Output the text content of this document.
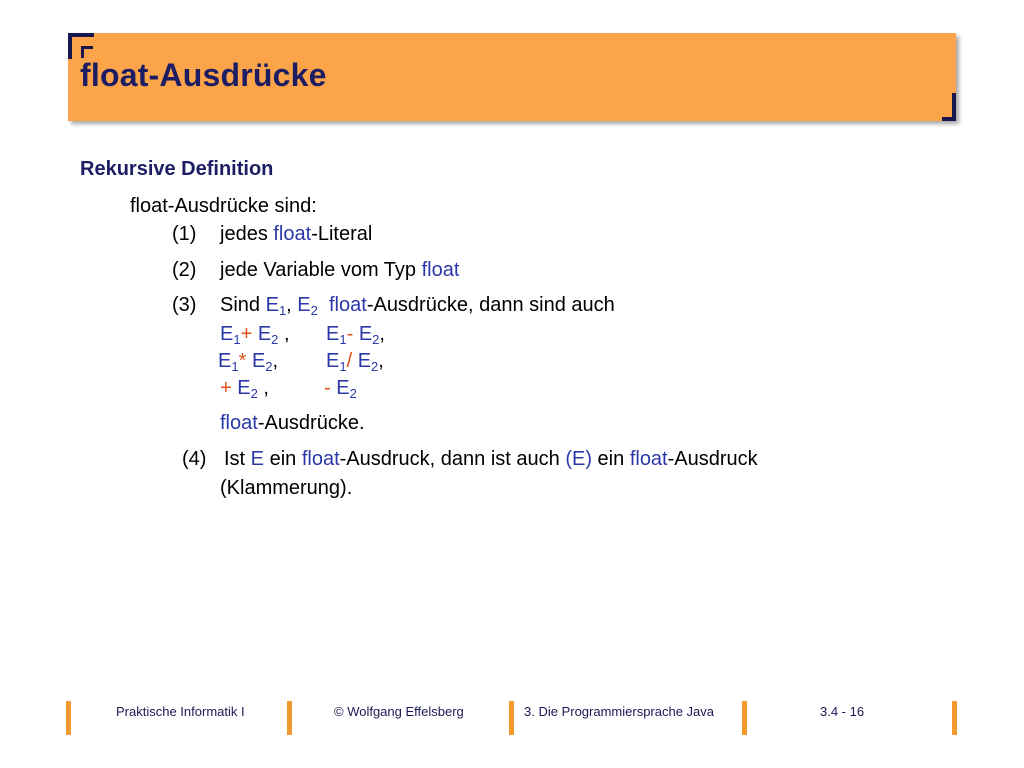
float-Ausdrücke
Rekursive Definition
float-Ausdrücke sind:
(1) jedes float-Literal
(2) jede Variable vom Typ float
(3) Sind $E_1$, $E_2$ float-Ausdrücke, dann sind auch
$E_1+ E_2$ , $E_1-$ $E_2$,
$E_1*$ $E_2$, $E_1/$ $E_2$,
+ $E_2$ ,	- $E_2$
float-Ausdrücke.
(4) Ist E ein float-Ausdruck, dann ist auch (E) ein float-Ausdruck
(Klammerung).
Praktische Informatik I	© Wolfgang Effelsberg	3. Die Programmiersprache Java	3.4 - 16
